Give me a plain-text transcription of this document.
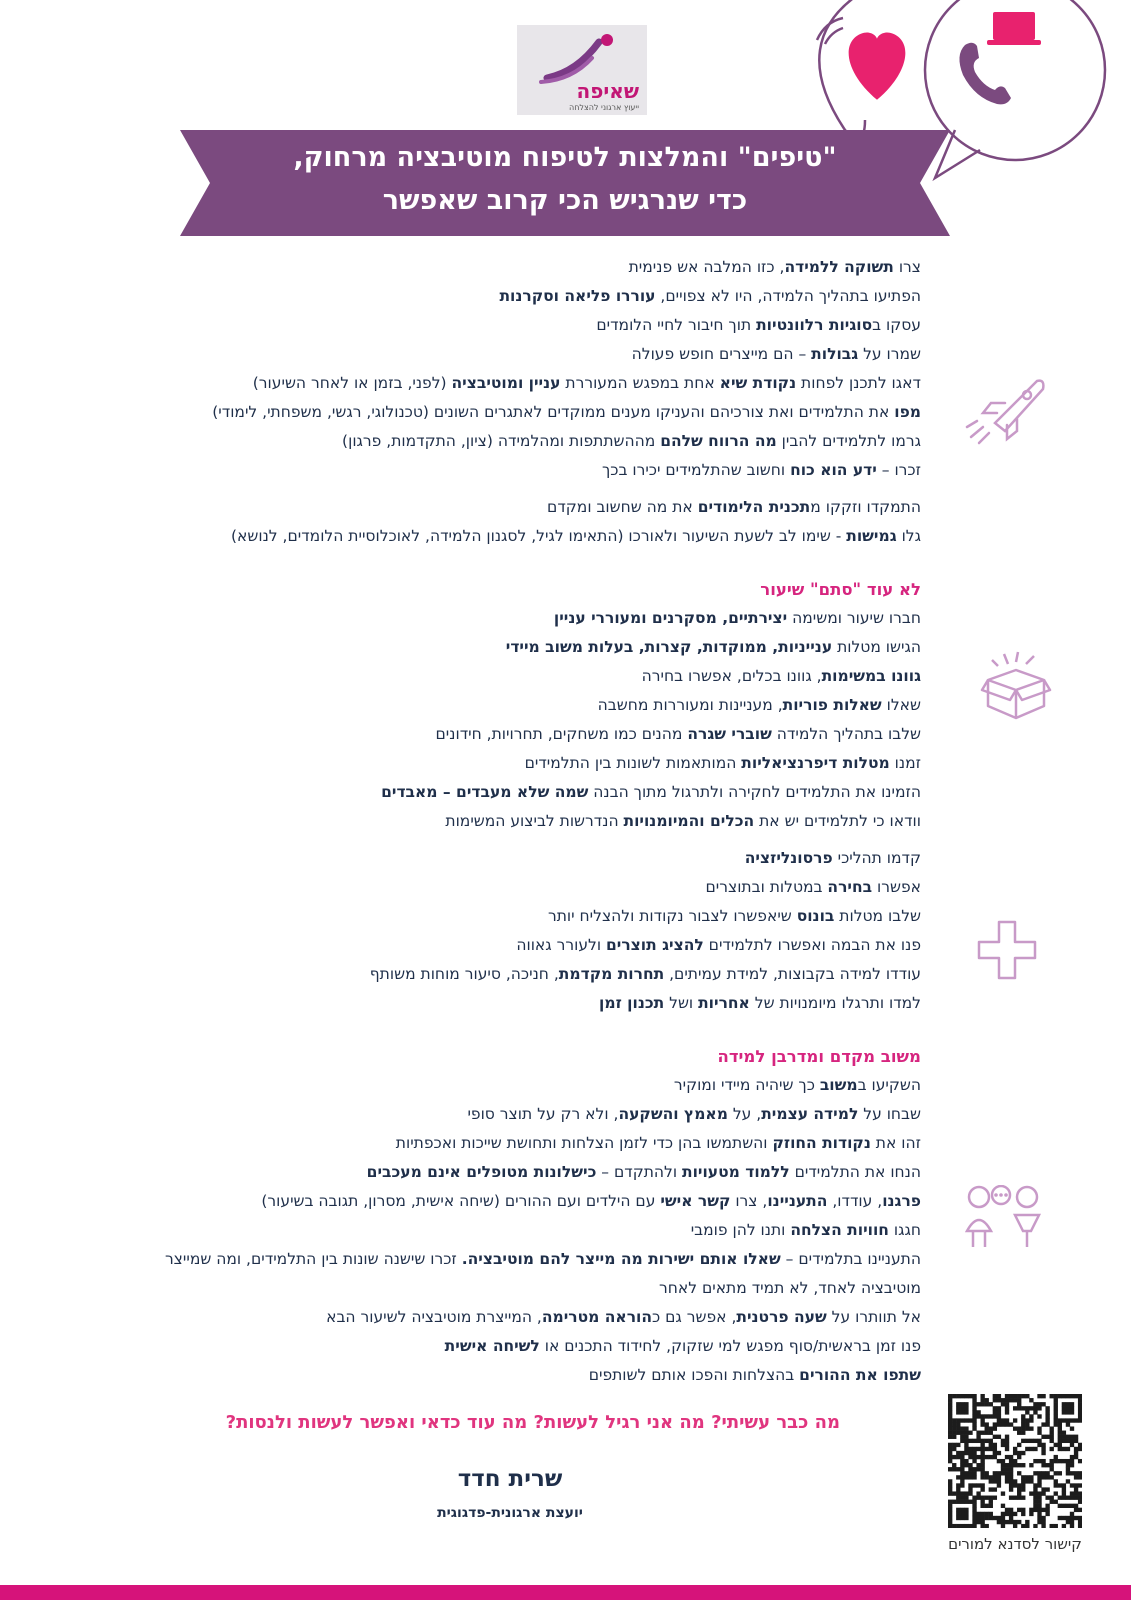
שאיפה
ייעוץ ארגוני להצלחה
"טיפים" והמלצות לטיפוח מוטיבציה מרחוק,
כדי שנרגיש הכי קרוב שאפשר
צרו תשוקה ללמידה, כזו המלבה אש פנימית
הפתיעו בתהליך הלמידה, היו לא צפויים, עוררו פליאה וסקרנות
עסקו בסוגיות רלוונטיות תוך חיבור לחיי הלומדים
שמרו על גבולות – הם מייצרים חופש פעולה
דאגו לתכנן לפחות נקודת שיא אחת במפגש המעוררת עניין ומוטיבציה (לפני, בזמן או לאחר השיעור)
מפו את התלמידים ואת צורכיהם והעניקו מענים ממוקדים לאתגרים השונים (טכנולוגי, רגשי, משפחתי, לימודי)
גרמו לתלמידים להבין מה הרווח שלהם מההשתתפות ומהלמידה (ציון, התקדמות, פרגון)
זכרו – ידע הוא כוח וחשוב שהתלמידים יכירו בכך
התמקדו וזקקו מתכנית הלימודים את מה שחשוב ומקדם
גלו גמישות - שימו לב לשעת השיעור ולאורכו (התאימו לגיל, לסגנון הלמידה, לאוכלוסיית הלומדים, לנושא)
לא עוד "סתם" שיעור
חברו שיעור ומשימה יצירתיים, מסקרנים ומעוררי עניין
הגישו מטלות ענייניות, ממוקדות, קצרות, בעלות משוב מיידי
גוונו במשימות, גוונו בכלים, אפשרו בחירה
שאלו שאלות פוריות, מעניינות ומעוררות מחשבה
שלבו בתהליך הלמידה שוברי שגרה מהנים כמו משחקים, תחרויות, חידונים
זמנו מטלות דיפרנציאליות המותאמות לשונות בין התלמידים
הזמינו את התלמידים לחקירה ולתרגול מתוך הבנה שמה שלא מעבדים – מאבדים
וודאו כי לתלמידים יש את הכלים והמיומנויות הנדרשות לביצוע המשימות
קדמו תהליכי פרסונליזציה
אפשרו בחירה במטלות ובתוצרים
שלבו מטלות בונוס שיאפשרו לצבור נקודות ולהצליח יותר
פנו את הבמה ואפשרו לתלמידים להציג תוצרים ולעורר גאווה
עודדו למידה בקבוצות, למידת עמיתים, תחרות מקדמת, חניכה, סיעור מוחות משותף
למדו ותרגלו מיומנויות של אחריות ושל תכנון זמן
משוב מקדם ומדרבן למידה
השקיעו במשוב כך שיהיה מיידי ומוקיר
שבחו על למידה עצמית, על מאמץ והשקעה, ולא רק על תוצר סופי
זהו את נקודות החוזק והשתמשו בהן כדי לזמן הצלחות ותחושת שייכות ואכפתיות
הנחו את התלמידים ללמוד מטעויות ולהתקדם – כישלונות מטופלים אינם מעכבים
פרגנו, עודדו, התעניינו, צרו קשר אישי עם הילדים ועם ההורים (שיחה אישית, מסרון, תגובה בשיעור)
חגגו חוויות הצלחה ותנו להן פומבי
התעניינו בתלמידים – שאלו אותם ישירות מה מייצר להם מוטיבציה. זכרו שישנה שונות בין התלמידים, ומה שמייצר מוטיבציה לאחד, לא תמיד מתאים לאחר
אל תוותרו על שעה פרטנית, אפשר גם כהוראה מטרימה, המייצרת מוטיבציה לשיעור הבא
פנו זמן בראשית/סוף מפגש למי שזקוק, לחידוד התכנים או לשיחה אישית
שתפו את ההורים בהצלחות והפכו אותם לשותפים
מה כבר עשיתי? מה אני רגיל לעשות? מה עוד כדאי ואפשר לעשות ולנסות?
שרית חדד
יועצת ארגונית-פדגוגית
קישור לסדנא למורים
